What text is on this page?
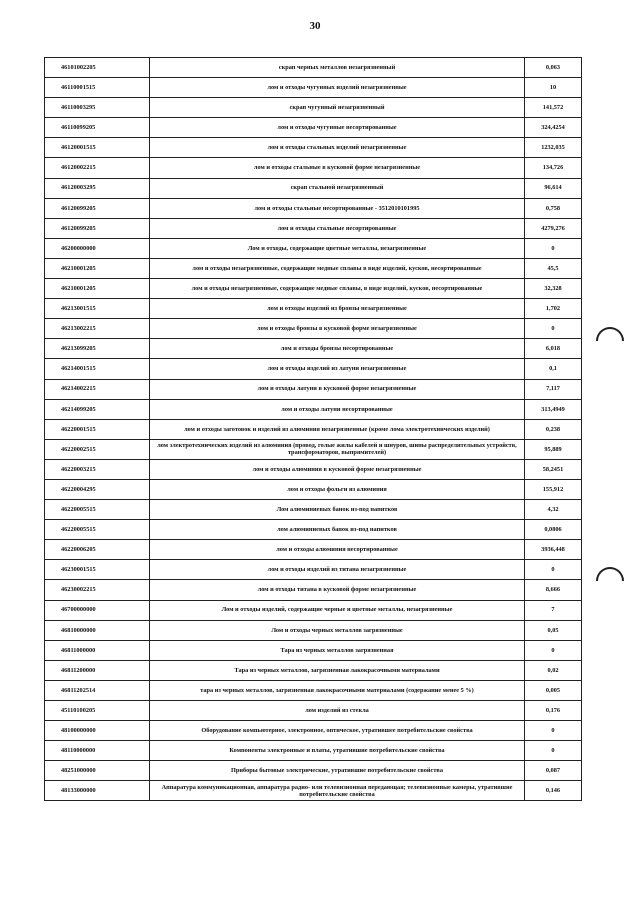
30
46101002205	скрап черных металлов незагрязненный	0,063
46110001515	лом и отходы чугунных изделий незагрязненные	10
46110003295	скрап чугунный незагрязненный	141,572
46110099205	лом и отходы чугунные несортированные	324,4254
46120001515	лом и отходы стальных изделий незагрязненные	1232,035
46120002215	лом и отходы стальные в кусковой форме незагрязненные	134,726
46120003295	скрап стальной незагрязненный	96,614
46120099205	лом и отходы стальные несортированные - 3512010101995	0,758
46120099205	лом и отходы стальные несортированные	4279,276
46200000000	Лом и отходы, содержащие цветные металлы, незагрязненные	0
46210001205	лом и отходы незагрязненные, содержащие медные сплавы в виде изделий, кусков, несортированные	45,5
46210001205	лом и отходы незагрязненные, содержащие медные сплавы, в виде изделий, кусков, несортированные	32,328
46213001515	лом и отходы изделий из бронзы незагрязненные	1,702
46213002215	лом и отходы бронзы в кусковой форме незагрязненные	0
46213099205	лом и отходы бронзы несортированные	6,018
46214001515	лом и отходы изделий из латуни незагрязненные	0,1
46214002215	лом и отходы латуни в кусковой форме незагрязненные	7,117
46214099205	лом и отходы латуни несортированные	313,4949
46220001515	лом и отходы заготовок и изделий из алюминия незагрязненные (кроме лома электротехнических изделий)	0,238
46220002515	лом электротехнических изделий из алюминия (провод, голые жилы кабелей и шнуров, шины распределительных устройств, трансформаторов, выпрямителей)	95,889
46220003215	лом и отходы алюминия в кусковой форме незагрязненные	58,2451
46220004295	лом и отходы фольги из алюминия	155,912
46220005515	Лом алюминиевых банок из-под напитков	4,32
46220005515	лом алюминиевых банок из-под напитков	0,0806
46220006205	лом и отходы алюминия несортированные	3936,448
46230001515	лом и отходы изделий из титана незагрязненные	0
46230002215	лом и отходы титана в кусковой форме незагрязненные	8,666
46700000000	Лом и отходы изделий, содержащие черные и цветные металлы, незагрязненные	7
46810000000	Лом и отходы черных металлов загрязненные	0,05
46811000000	Тара из черных металлов загрязненная	0
46811200000	Тара из черных металлов, загрязненная лакокрасочными материалами	0,02
46811202514	тара из черных металлов, загрязненная лакокрасочными материалами (содержание менее 5 %)	0,005
45110100205	лом изделий из стекла	0,176
48100000000	Оборудование компьютерное, электронное, оптическое, утратившее потребительские свойства	0
48110000000	Компоненты электронные и платы, утратившие потребительские свойства	0
48251000000	Приборы бытовые электрические, утратившие потребительские свойства	0,087
48133000000	Аппаратура коммуникационная, аппаратура радио- или телевизионная передающая; телевизионные камеры, утратившие потребительские свойства	0,146
